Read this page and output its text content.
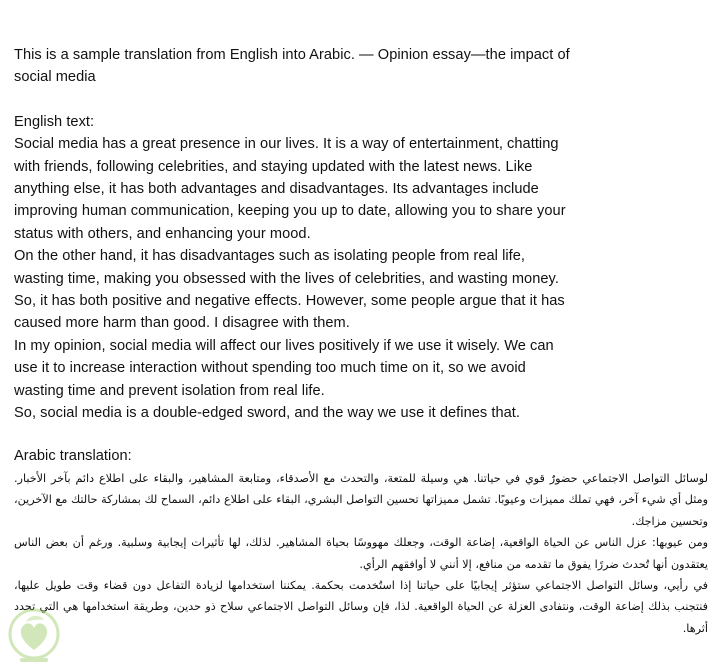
This is a sample translation from English into Arabic. — Opinion essay—the impact of

social media

English text:

Social media has a great presence in our lives. It is a way of entertainment, chatting

with friends, following celebrities, and staying updated with the latest news. Like

anything else, it has both advantages and disadvantages. Its advantages include

improving human communication, keeping you up to date, allowing you to share your

status with others, and enhancing your mood.

On the other hand, it has disadvantages such as isolating people from real life,

wasting time, making you obsessed with the lives of celebrities, and wasting money.

So, it has both positive and negative effects. However, some people argue that it has

caused more harm than good. I disagree with them.

In my opinion, social media will affect our lives positively if we use it wisely. We can

use it to increase interaction without spending too much time on it, so we avoid

wasting time and prevent isolation from real life.

So, social media is a double-edged sword, and the way we use it defines that.

Arabic translation:

لوسائل التواصل الاجتماعي حضورٌ قوي في حياتنا. هي وسيلة للمتعة، والتحدث مع الأصدقاء، ومتابعة المشاهير، والبقاء على اطلاع دائم بآخر الأخبار. ومثل أي شيء آخر، فهي تملك مميزات وعيوبًا. تشمل مميزاتها تحسين التواصل البشري، البقاء على اطلاع دائم، السماح لك بمشاركة حالتك مع الآخرين، وتحسين مزاجك.

ومن عيوبها: عزل الناس عن الحياة الواقعية، إضاعة الوقت، وجعلك مهووسًا بحياة المشاهير. لذلك، لها تأثيرات إيجابية وسلبية. ورغم أن بعض الناس يعتقدون أنها تُحدث ضررًا يفوق ما تقدمه من منافع، إلا أنني لا أوافقهم الرأي.

في رأيي، وسائل التواصل الاجتماعي ستؤثر إيجابيًا على حياتنا إذا استُخدمت بحكمة. يمكننا استخدامها لزيادة التفاعل دون قضاء وقت طويل عليها، فنتجنب بذلك إضاعة الوقت، ونتفادى العزلة عن الحياة الواقعية. لذا، فإن وسائل التواصل الاجتماعي سلاح ذو حدين، وطريقة استخدامها هي التي تحدد أثرها.
